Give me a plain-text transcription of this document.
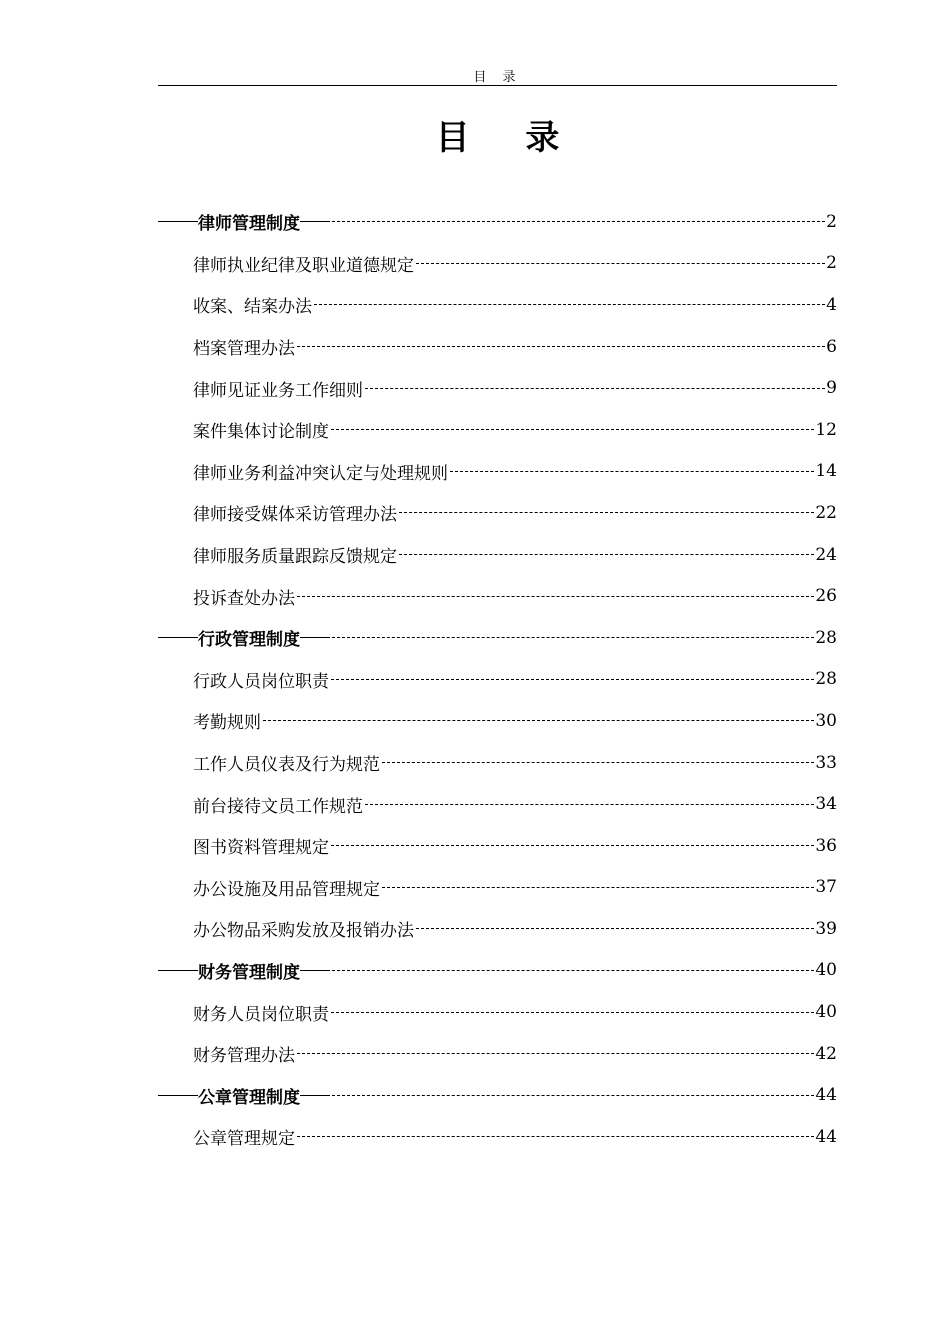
目 录
目 录
律师管理制度	2
律师执业纪律及职业道德规定	2
收案、结案办法	4
档案管理办法	6
律师见证业务工作细则	9
案件集体讨论制度	12
律师业务利益冲突认定与处理规则	14
律师接受媒体采访管理办法	22
律师服务质量跟踪反馈规定	24
投诉查处办法	26
行政管理制度	28
行政人员岗位职责	28
考勤规则	30
工作人员仪表及行为规范	33
前台接待文员工作规范	34
图书资料管理规定	36
办公设施及用品管理规定	37
办公物品采购发放及报销办法	39
财务管理制度	40
财务人员岗位职责	40
财务管理办法	42
公章管理制度	44
公章管理规定	44
